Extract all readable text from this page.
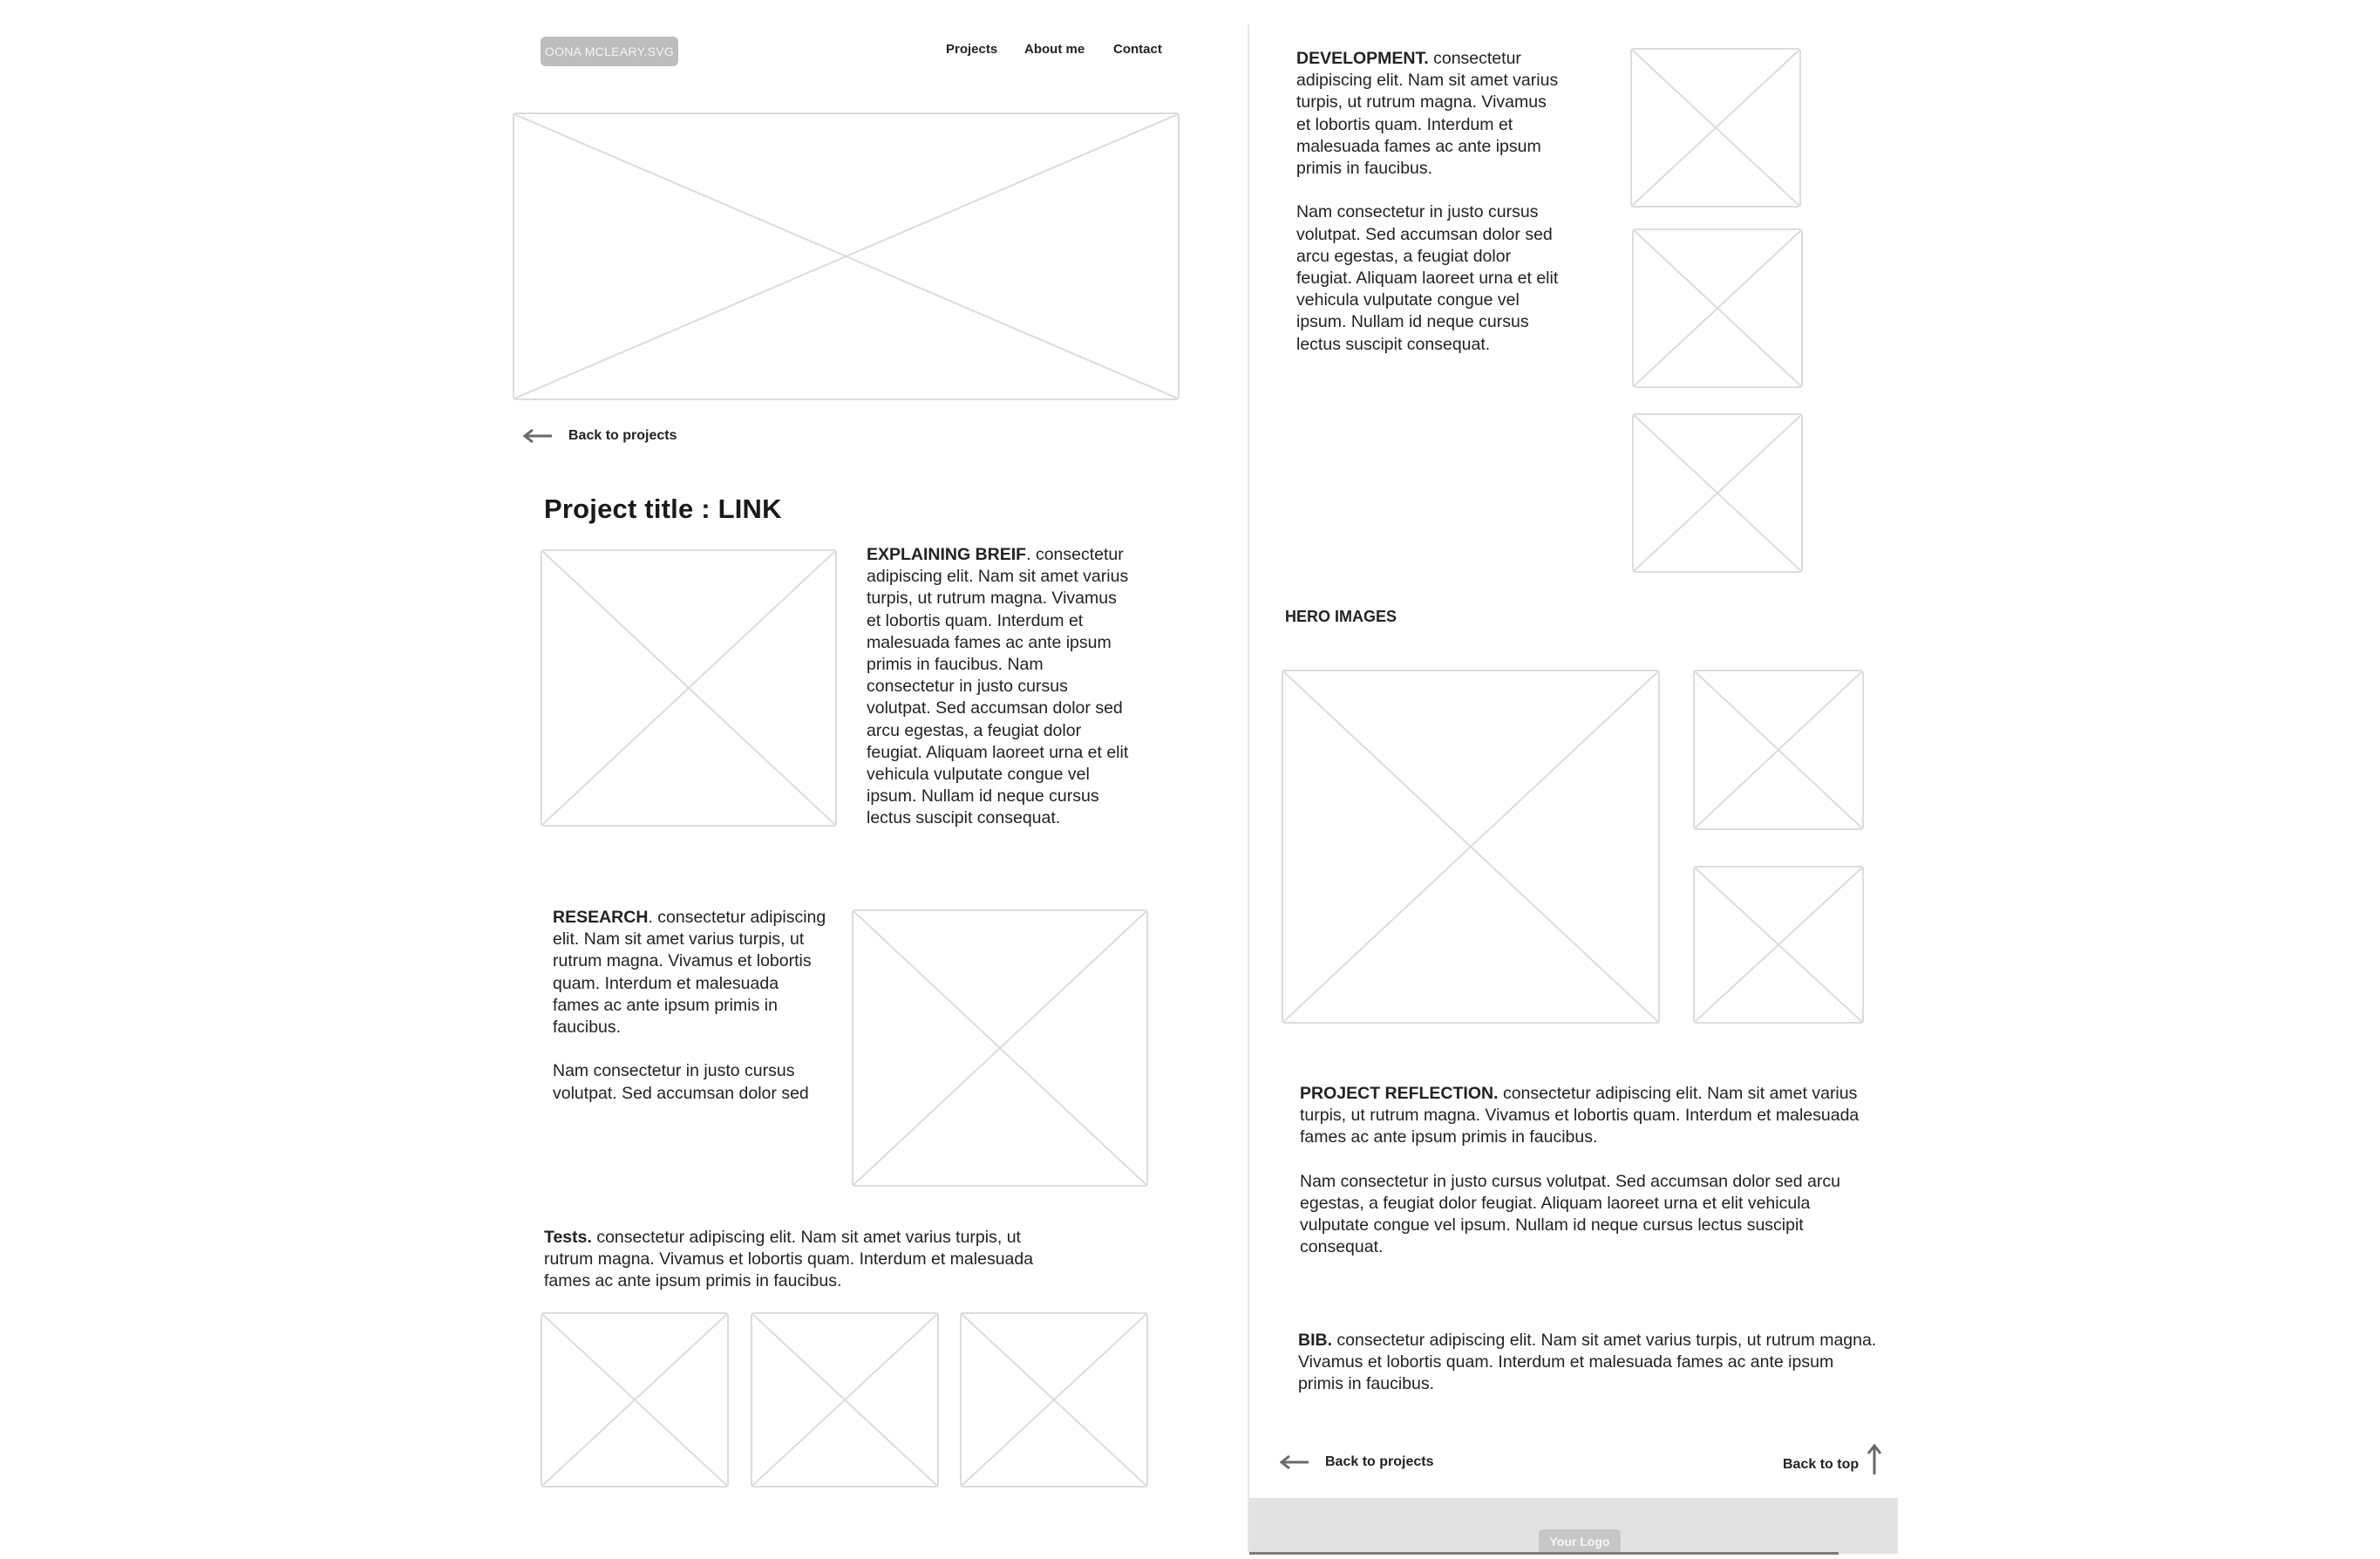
OONA MCLEARY.SVG	Projects About me Contact
Back to projects
Project title : LINK
EXPLAINING BREIF. consectetur
adipiscing elit. Nam sit amet varius
turpis, ut rutrum magna. Vivamus
et lobortis quam. Interdum et
malesuada fames ac ante ipsum
primis in faucibus. Nam
consectetur in justo cursus
volutpat. Sed accumsan dolor sed
arcu egestas, a feugiat dolor
feugiat. Aliquam laoreet urna et elit
vehicula vulputate congue vel
ipsum. Nullam id neque cursus
lectus suscipit consequat.
RESEARCH. consectetur adipiscing
elit. Nam sit amet varius turpis, ut
rutrum magna. Vivamus et lobortis
quam. Interdum et malesuada
fames ac ante ipsum primis in
faucibus.

Nam consectetur in justo cursus
volutpat. Sed accumsan dolor sed
Tests. consectetur adipiscing elit. Nam sit amet varius turpis, ut
rutrum magna. Vivamus et lobortis quam. Interdum et malesuada
fames ac ante ipsum primis in faucibus.
DEVELOPMENT. consectetur
adipiscing elit. Nam sit amet varius
turpis, ut rutrum magna. Vivamus
et lobortis quam. Interdum et
malesuada fames ac ante ipsum
primis in faucibus.

Nam consectetur in justo cursus
volutpat. Sed accumsan dolor sed
arcu egestas, a feugiat dolor
feugiat. Aliquam laoreet urna et elit
vehicula vulputate congue vel
ipsum. Nullam id neque cursus
lectus suscipit consequat.
HERO IMAGES
PROJECT REFLECTION. consectetur adipiscing elit. Nam sit amet varius
turpis, ut rutrum magna. Vivamus et lobortis quam. Interdum et malesuada
fames ac ante ipsum primis in faucibus.

Nam consectetur in justo cursus volutpat. Sed accumsan dolor sed arcu
egestas, a feugiat dolor feugiat. Aliquam laoreet urna et elit vehicula
vulputate congue vel ipsum. Nullam id neque cursus lectus suscipit
consequat.
BIB. consectetur adipiscing elit. Nam sit amet varius turpis, ut rutrum magna.
Vivamus et lobortis quam. Interdum et malesuada fames ac ante ipsum
primis in faucibus.
Back to projects	Back to top
Your Logo
